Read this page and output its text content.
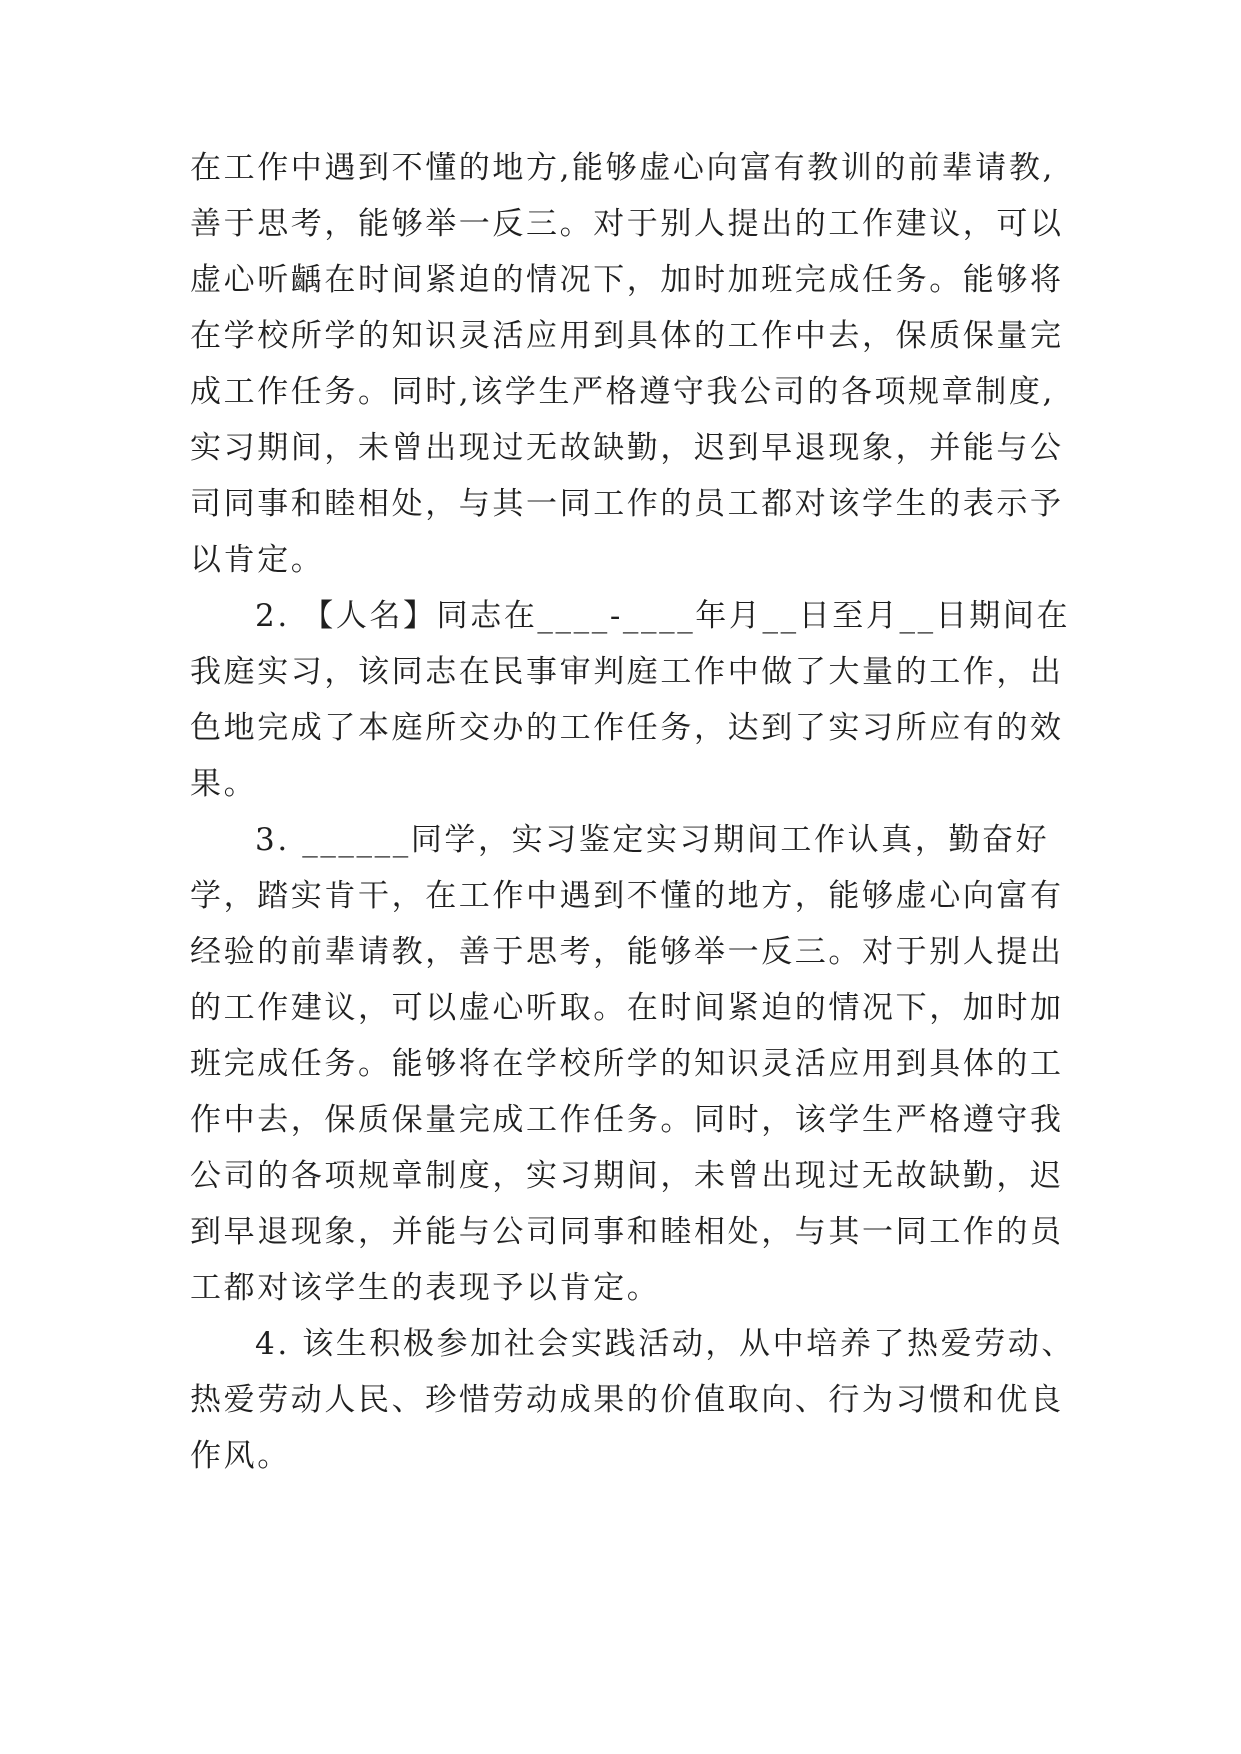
在工作中遇到不懂的地方,能够虚心向富有教训的前辈请教,
善于思考，能够举一反三。对于别人提出的工作建议，可以
虚心听齲在时间紧迫的情况下，加时加班完成任务。能够将
在学校所学的知识灵活应用到具体的工作中去，保质保量完
成工作任务。同时,该学生严格遵守我公司的各项规章制度,
实习期间，未曾出现过无故缺勤，迟到早退现象，并能与公
司同事和睦相处，与其一同工作的员工都对该学生的表示予
以肯定。
2. 【人名】同志在____-____年月__日至月__日期间在
我庭实习，该同志在民事审判庭工作中做了大量的工作，出
色地完成了本庭所交办的工作任务，达到了实习所应有的效
果。
3. ______同学，实习鉴定实习期间工作认真，勤奋好
学，踏实肯干，在工作中遇到不懂的地方，能够虚心向富有
经验的前辈请教，善于思考，能够举一反三。对于别人提出
的工作建议，可以虚心听取。在时间紧迫的情况下，加时加
班完成任务。能够将在学校所学的知识灵活应用到具体的工
作中去，保质保量完成工作任务。同时，该学生严格遵守我
公司的各项规章制度，实习期间，未曾出现过无故缺勤，迟
到早退现象，并能与公司同事和睦相处，与其一同工作的员
工都对该学生的表现予以肯定。
4. 该生积极参加社会实践活动，从中培养了热爱劳动、
热爱劳动人民、珍惜劳动成果的价值取向、行为习惯和优良
作风。
